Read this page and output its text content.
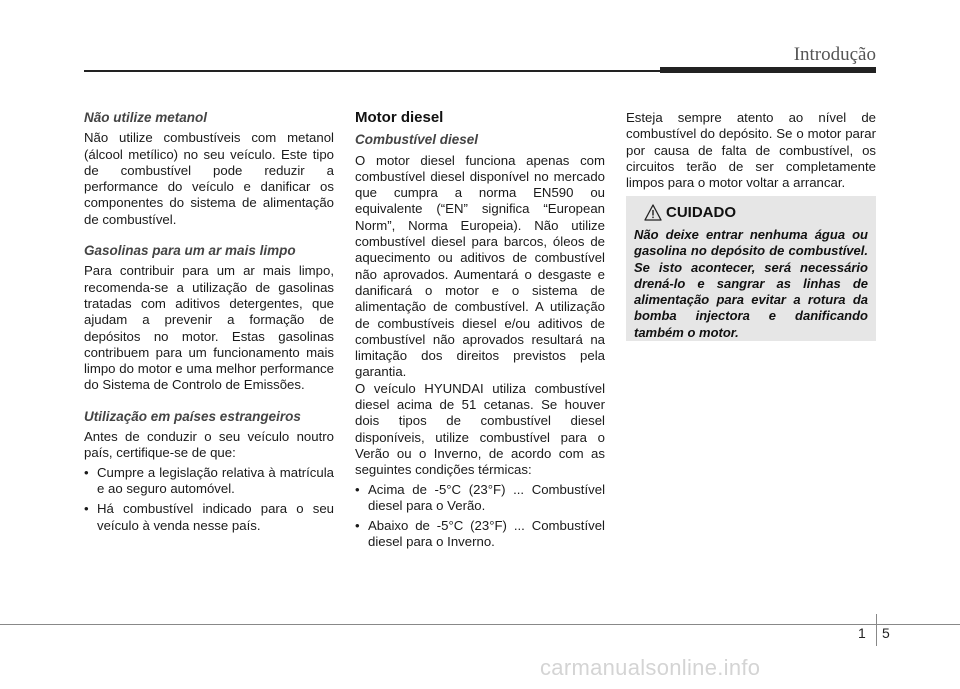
Introdução
Não utilize metanol

Não utilize combustíveis com metanol (álcool metílico) no seu veículo. Este tipo de combustível pode reduzir a performance do veículo e danificar os componentes do sistema de alimentação de combustível.

Gasolinas para um ar mais limpo

Para contribuir para um ar mais limpo, recomenda-se a utilização de gasolinas tratadas com aditivos detergentes, que ajudam a prevenir a formação de depósitos no motor. Estas gasolinas contribuem para um funcionamento mais limpo do motor e uma melhor performance do Sistema de Controlo de Emissões.

Utilização em países estrangeiros

Antes de conduzir o seu veículo noutro país, certifique-se de que:

• Cumpre a legislação relativa à matrícula e ao seguro automóvel.
• Há combustível indicado para o seu veículo à venda nesse país.
Motor diesel
Combustível diesel

O motor diesel funciona apenas com combustível diesel disponível no mercado que cumpra a norma EN590 ou equivalente (“EN” significa “European Norm”, Norma Europeia). Não utilize combustível diesel para barcos, óleos de aquecimento ou aditivos de combustível não aprovados. Aumentará o desgaste e danificará o motor e o sistema de alimentação de combustível. A utilização de combustíveis diesel e/ou aditivos de combustível não aprovados resultará na limitação dos direitos previstos pela garantia.

O veículo HYUNDAI utiliza combustível diesel acima de 51 cetanas. Se houver dois tipos de combustível diesel disponíveis, utilize combustível para o Verão ou o Inverno, de acordo com as seguintes condições térmicas:

• Acima de -5°C (23°F) ... Combustível diesel para o Verão.
• Abaixo de -5°C (23°F) ... Combustível diesel para o Inverno.

Esteja sempre atento ao nível de combustível do depósito. Se o motor parar por causa de falta de combustível, os circuitos terão de ser completamente limpos para o motor voltar a arrancar.

CUIDADO
Não deixe entrar nenhuma água ou gasolina no depósito de combustível. Se isto acontecer, será necessário drená-lo e sangrar as linhas de alimentação para evitar a rotura da bomba injectora e danificando também o motor.
1 5
carmanualsonline.info
